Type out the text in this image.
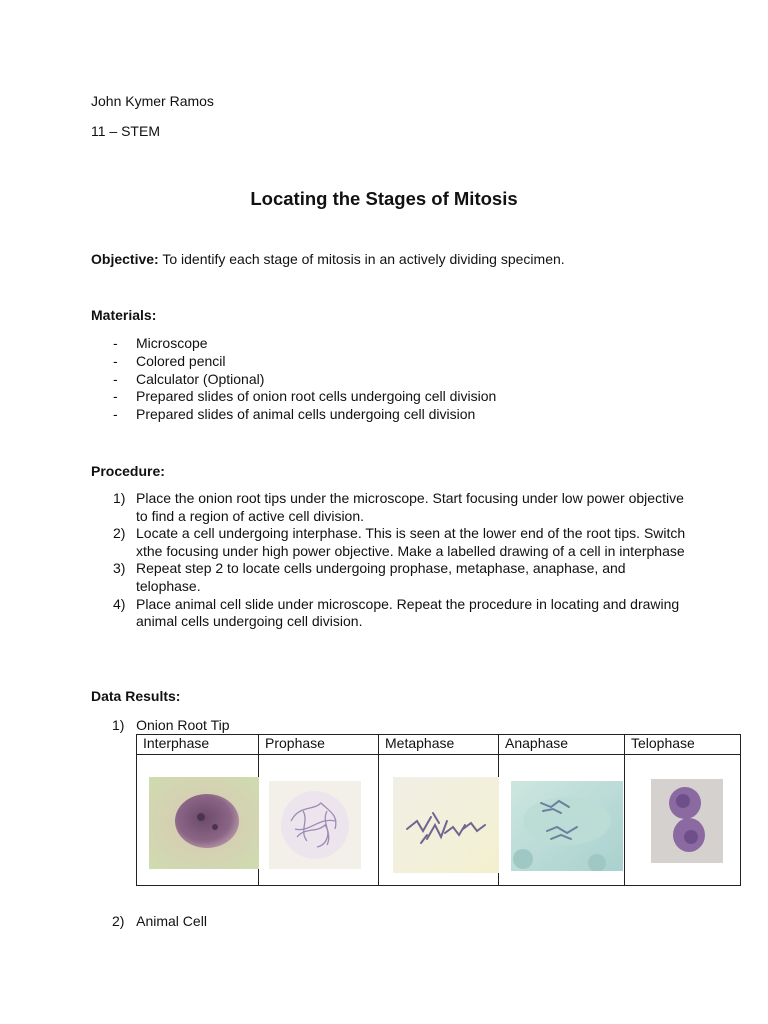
John Kymer Ramos
11 – STEM
Locating the Stages of Mitosis
Objective: To identify each stage of mitosis in an actively dividing specimen.
Materials:
- Microscope
- Colored pencil
- Calculator (Optional)
- Prepared slides of onion root cells undergoing cell division
- Prepared slides of animal cells undergoing cell division
Procedure:
1) Place the onion root tips under the microscope. Start focusing under low power objective to find a region of active cell division.
2) Locate a cell undergoing interphase. This is seen at the lower end of the root tips. Switch xthe focusing under high power objective. Make a labelled drawing of a cell in interphase
3) Repeat step 2 to locate cells undergoing prophase, metaphase, anaphase, and telophase.
4) Place animal cell slide under microscope. Repeat the procedure in locating and drawing animal cells undergoing cell division.
Data Results:
1) Onion Root Tip
Interphase	Prophase	Metaphase	Anaphase	Telophase

2) Animal Cell
